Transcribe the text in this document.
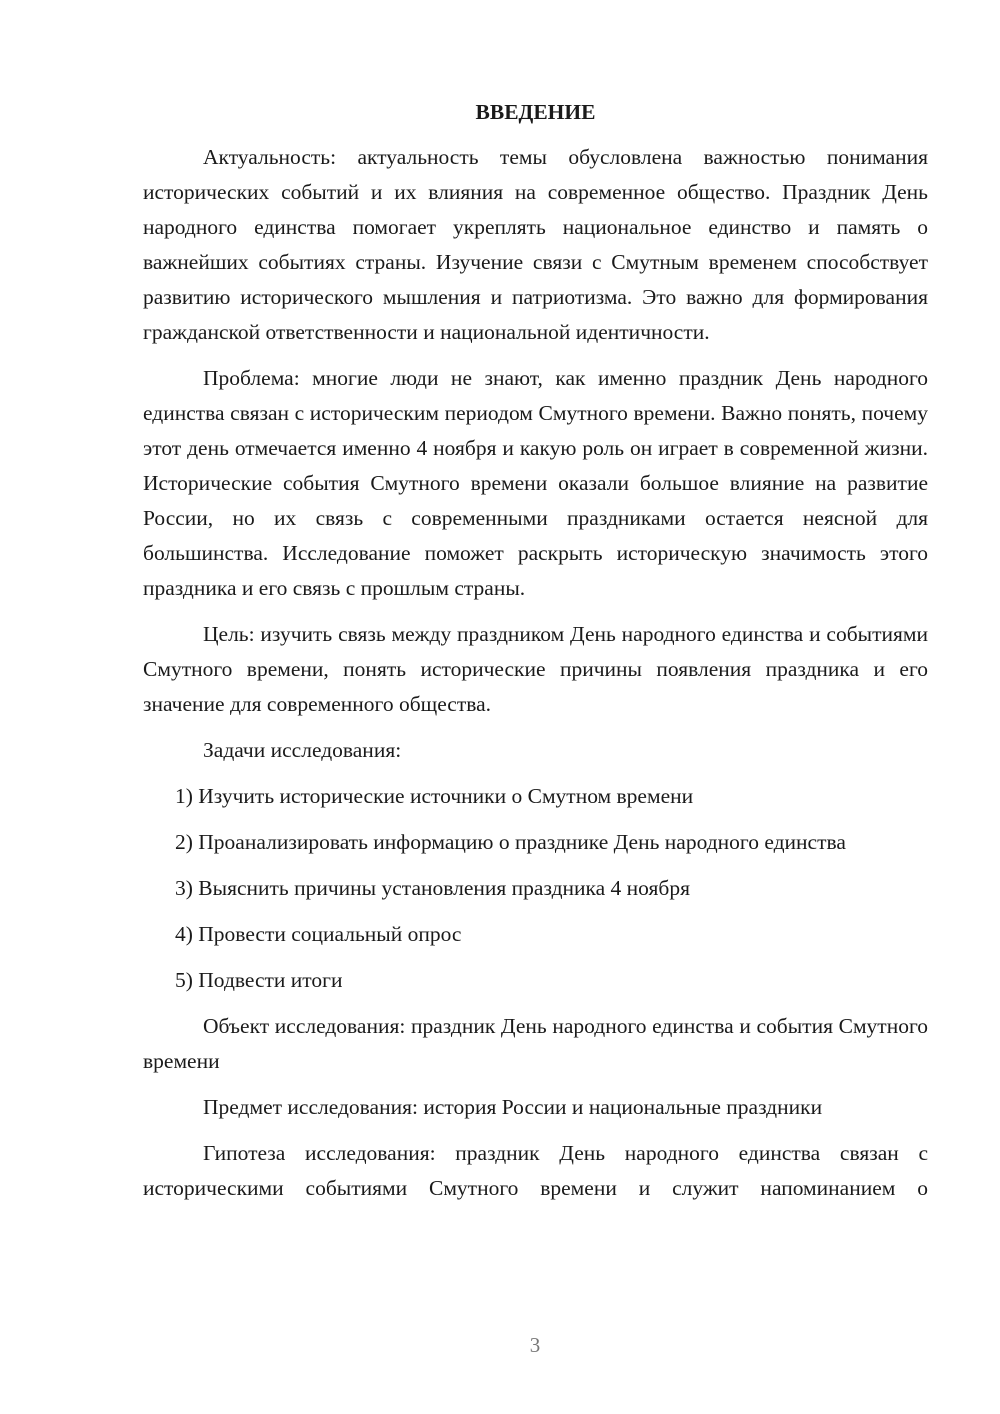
ВВЕДЕНИЕ
Актуальность: актуальность темы обусловлена важностью понимания исторических событий и их влияния на современное общество. Праздник День народного единства помогает укреплять национальное единство и память о важнейших событиях страны. Изучение связи с Смутным временем способствует развитию исторического мышления и патриотизма. Это важно для формирования гражданской ответственности и национальной идентичности.
Проблема: многие люди не знают, как именно праздник День народного единства связан с историческим периодом Смутного времени. Важно понять, почему этот день отмечается именно 4 ноября и какую роль он играет в современной жизни. Исторические события Смутного времени оказали большое влияние на развитие России, но их связь с современными праздниками остается неясной для большинства. Исследование поможет раскрыть историческую значимость этого праздника и его связь с прошлым страны.
Цель: изучить связь между праздником День народного единства и событиями Смутного времени, понять исторические причины появления праздника и его значение для современного общества.
Задачи исследования:
1) Изучить исторические источники о Смутном времени
2) Проанализировать информацию о празднике День народного единства
3) Выяснить причины установления праздника 4 ноября
4) Провести социальный опрос
5) Подвести итоги
Объект исследования: праздник День народного единства и события Смутного времени
Предмет исследования: история России и национальные праздники
Гипотеза исследования: праздник День народного единства связан с историческими событиями Смутного времени и служит напоминанием о
3
